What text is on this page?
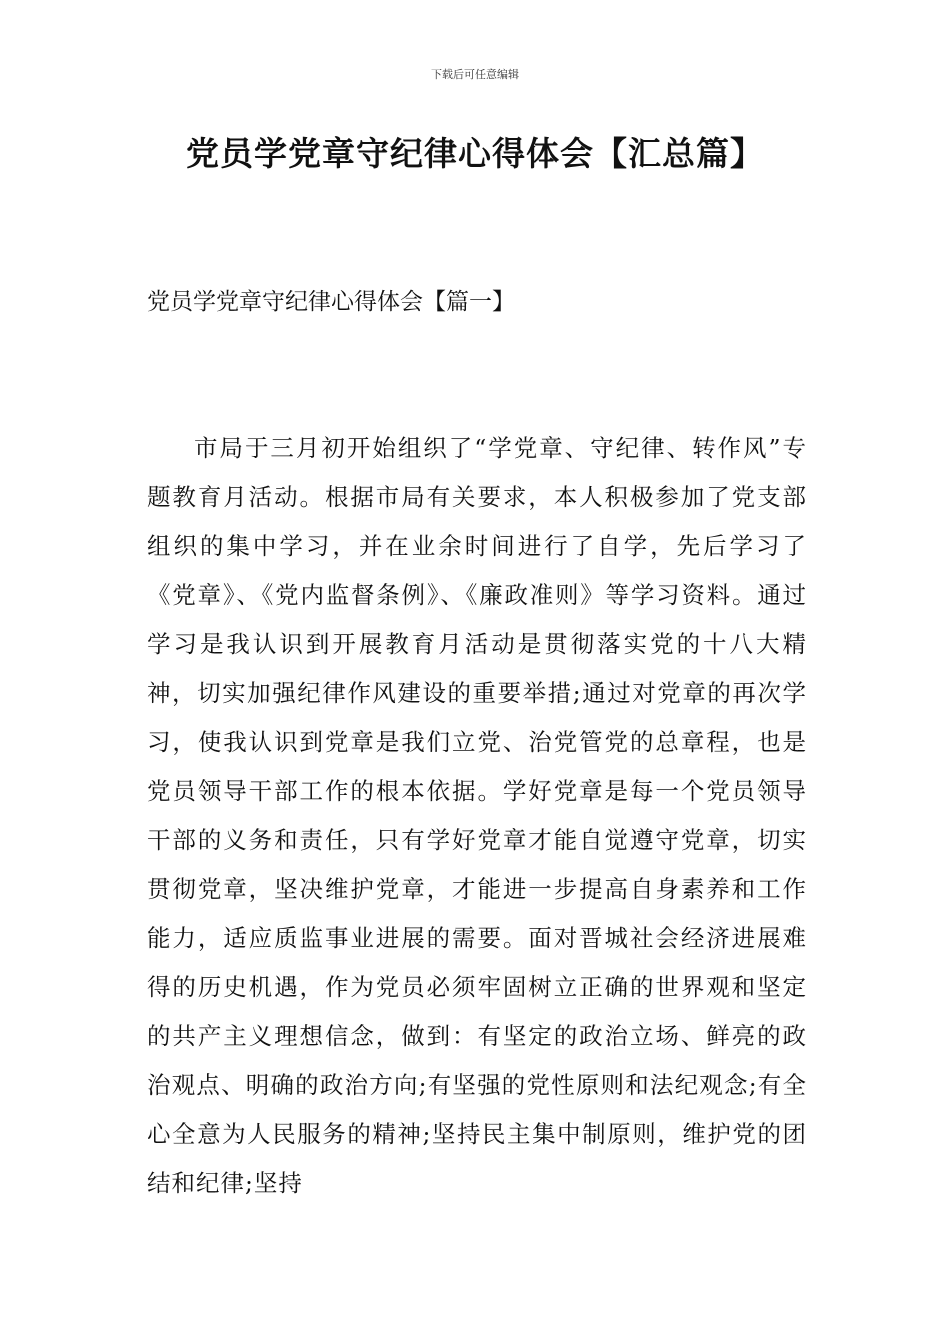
下载后可任意编辑
党员学党章守纪律心得体会【汇总篇】
党员学党章守纪律心得体会【篇一】

市局于三月初开始组织了“学党章、守纪律、转作风”专题教育月活动。根据市局有关要求，本人积极参加了党支部组织的集中学习，并在业余时间进行了自学，先后学习了《党章》、《党内监督条例》、《廉政准则》等学习资料。通过学习是我认识到开展教育月活动是贯彻落实党的十八大精神，切实加强纪律作风建设的重要举措;通过对党章的再次学习，使我认识到党章是我们立党、治党管党的总章程，也是党员领导干部工作的根本依据。学好党章是每一个党员领导干部的义务和责任，只有学好党章才能自觉遵守党章，切实贯彻党章，坚决维护党章，才能进一步提高自身素养和工作能力，适应质监事业进展的需要。面对晋城社会经济进展难得的历史机遇，作为党员必须牢固树立正确的世界观和坚定的共产主义理想信念，做到：有坚定的政治立场、鲜亮的政治观点、明确的政治方向;有坚强的党性原则和法纪观念;有全心全意为人民服务的精神;坚持民主集中制原则，维护党的团结和纪律;坚持
